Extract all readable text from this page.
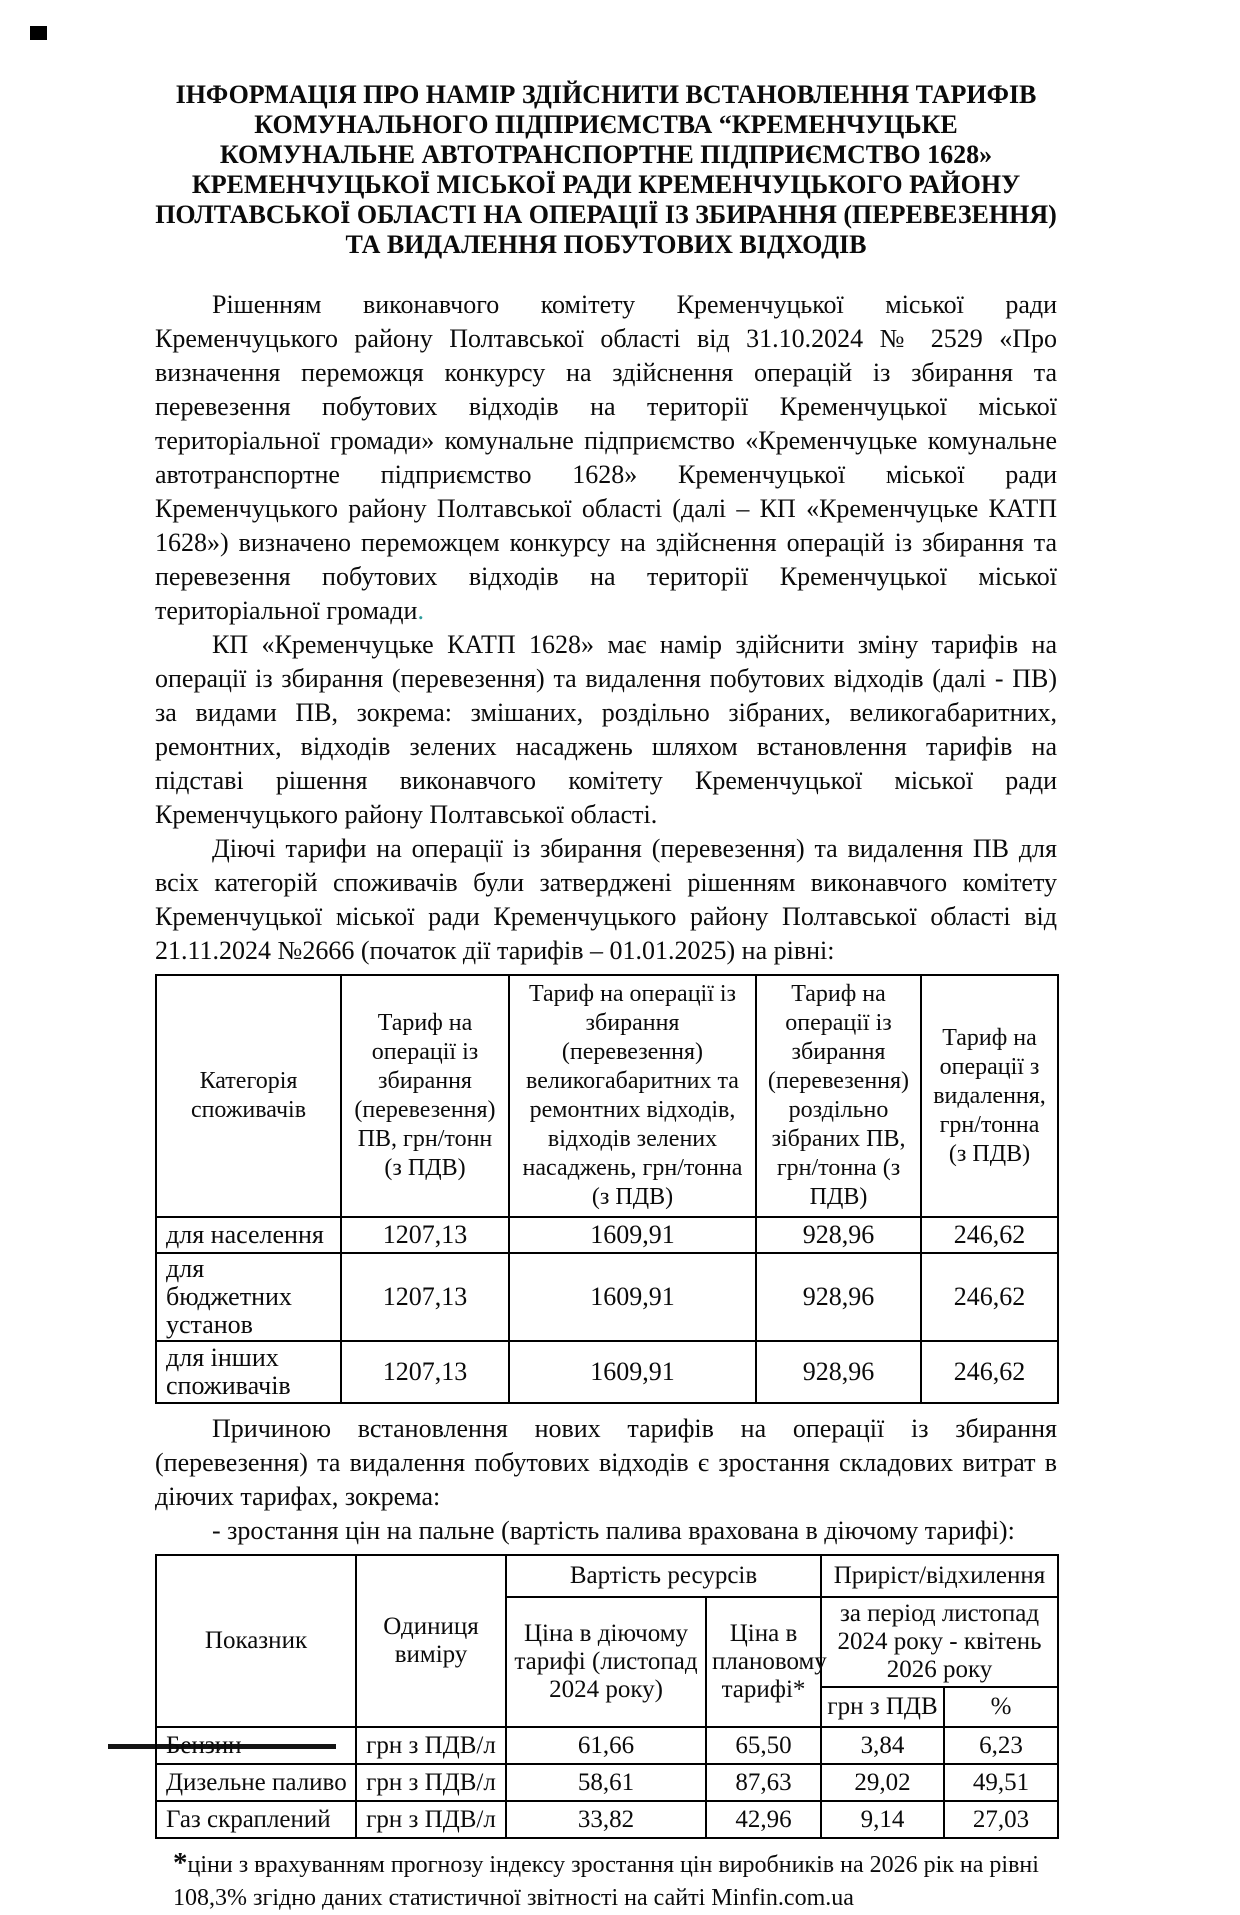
ІНФОРМАЦІЯ ПРО НАМІР ЗДІЙСНИТИ ВСТАНОВЛЕННЯ ТАРИФІВ КОМУНАЛЬНОГО ПІДПРИЄМСТВА “КРЕМЕНЧУЦЬКЕ КОМУНАЛЬНЕ АВТОТРАНСПОРТНЕ ПІДПРИЄМСТВО 1628» КРЕМЕНЧУЦЬКОЇ МІСЬКОЇ РАДИ КРЕМЕНЧУЦЬКОГО РАЙОНУ ПОЛТАВСЬКОЇ ОБЛАСТІ НА ОПЕРАЦІЇ ІЗ ЗБИРАННЯ (ПЕРЕВЕЗЕННЯ) ТА ВИДАЛЕННЯ ПОБУТОВИХ ВІДХОДІВ

Рішенням виконавчого комітету Кременчуцької міської ради Кременчуцького району Полтавської області від 31.10.2024 № 2529 «Про визначення переможця конкурсу на здійснення операцій із збирання та перевезення побутових відходів на території Кременчуцької міської територіальної громади» комунальне підприємство «Кременчуцьке комунальне автотранспортне підприємство 1628» Кременчуцької міської ради Кременчуцького району Полтавської області (далі – КП «Кременчуцьке КАТП 1628») визначено переможцем конкурсу на здійснення операцій із збирання та перевезення побутових відходів на території Кременчуцької міської територіальної громади.

КП «Кременчуцьке КАТП 1628» має намір здійснити зміну тарифів на операції із збирання (перевезення) та видалення побутових відходів (далі - ПВ) за видами ПВ, зокрема: змішаних, роздільно зібраних, великогабаритних, ремонтних, відходів зелених насаджень шляхом встановлення тарифів на підставі рішення виконавчого комітету Кременчуцької міської ради Кременчуцького району Полтавської області.

Діючі тарифи на операції із збирання (перевезення) та видалення ПВ для всіх категорій споживачів були затверджені рішенням виконавчого комітету Кременчуцької міської ради Кременчуцького району Полтавської області від 21.11.2024 №2666 (початок дії тарифів – 01.01.2025) на рівні:

Категорія споживачів	Тариф на операції із збирання (перевезення) ПВ, грн/тонн (з ПДВ)	Тариф на операції із збирання (перевезення) великогабаритних та ремонтних відходів, відходів зелених насаджень, грн/тонна (з ПДВ)	Тариф на операції із збирання (перевезення) роздільно зібраних ПВ, грн/тонна (з ПДВ)	Тариф на операції з видалення, грн/тонна (з ПДВ)
для населення	1207,13	1609,91	928,96	246,62
для бюджетних установ	1207,13	1609,91	928,96	246,62
для інших споживачів	1207,13	1609,91	928,96	246,62

Причиною встановлення нових тарифів на операції із збирання (перевезення) та видалення побутових відходів є зростання складових витрат в діючих тарифах, зокрема:

- зростання цін на пальне (вартість палива врахована в діючому тарифі):

Показник	Одиниця виміру	Вартість ресурсів		Приріст/відхилення	
		Ціна в діючому тарифі (листопад 2024 року)	Ціна в плановому тарифі*	за період листопад 2024 року - квітень 2026 року	
				грн з ПДВ	%
Бензин	грн з ПДВ/л	61,66	65,50	3,84	6,23
Дизельне паливо	грн з ПДВ/л	58,61	87,63	29,02	49,51
Газ скраплений	грн з ПДВ/л	33,82	42,96	9,14	27,03

*ціни з врахуванням прогнозу індексу зростання цін виробників на 2026 рік на рівні 108,3% згідно даних статистичної звітності на сайті Minfin.com.ua
